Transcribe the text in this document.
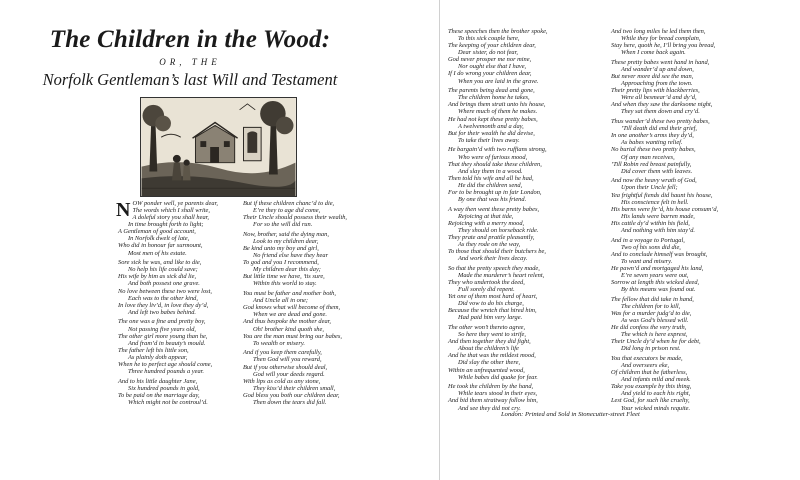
The Children in the Wood:
OR, THE
Norfolk Gentleman’s last Will and Testament
N OW ponder well, ye parents dear,
The words which I shall write,
A doleful story you shall hear,
In time brought forth to light;
A Gentleman of good account,
In Norfolk dwelt of late,
Who did in honour far surmount,
Most men of his estate.
Sore sick he was, and like to die,
No help his life could save;
His wife by him as sick did lie,
And both possest one grave.
No love between these two were lost,
Each was to the other kind,
In love they liv’d, in love they dy’d,
And left two babes behind.
The one was a fine and pretty boy,
Not passing five years old,
The other girl more young than he,
And fram’d in beauty’s mould.
The father left his little son,
As plainly doth appear,
When he to perfect age should come,
Three hundred pounds a year.
And to his little daughter Jane,
Six hundred pounds in gold,
To be paid on the marriage day,
Which might not be controul’d.
But if these children chanc’d to die,
E’re they to age did come,
Their Uncle should possess their wealth,
For so the will did run.
Now, brother, said the dying man,
Look to my children dear,
Be kind unto my boy and girl,
No friend else have they hear
To god and you I recommend,
My children dear this day;
But little time we have, ’tis sure,
Within this world to stay.
You must be father and mother both,
And Uncle all in one;
God knows what will become of them,
When we are dead and gone.
And thus bespoke the mother dear,
Oh! brother kind quoth she,
You are the man must bring our babes,
To wealth or misery.
And if you keep them carefully,
Then God will you reward,
But if you otherwise should deal,
God will your deeds regard.
With lips as cold as any stone,
They kiss’d their children small,
God bless you both our children dear,
Then down the tears did fall.
These speeches then the brother spoke,
To this sick couple here,
The keeping of your children dear,
Dear sister, do not fear,
God never prosper me nor mine,
Nor ought else that I have,
If I do wrong your children dear,
When you are laid in the grave.
The parents being dead and gone,
The children home he takes,
And brings them strait unto his house,
Where much of them he makes.
He had not kept these pretty babes,
A twelvemonth and a day,
But for their wealth he did devise,
To take their lives away.
He bargain’d with two ruffians strong,
Who were of furious mood,
That they should take these children,
And slay them in a wood.
Then told his wife and all he had,
He did the children send,
For to be brought up in fair London,
By one that was his friend.
A way then went these pretty babes,
Rejoicing at that tide,
Rejoicing with a merry mood,
They should on horseback ride.
They prate and prattle pleasantly,
As they rode on the way,
To those that should their butchers be,
And work their lives decay.
So that the pretty speech they made,
Made the murderer’s heart relent,
They who undertook the deed,
Full sorely did repent.
Yet one of them most hard of heart,
Did vow to do his charge,
Because the wretch that hired him,
Had paid him very large.
The other won’t thereto agree,
So here they went to strife,
And then together they did fight,
About the children’s life
And he that was the mildest mood,
Did slay the other there,
Within an unfrequented wood,
While babes did quake for fear.
He took the children by the hand,
While tears stood in their eyes,
And bid them straitway follow him,
And see they did not cry.
And two long miles he led them then,
While they for bread complain,
Stay here, quoth he, I’ll bring you bread,
When I come back again.
These pretty babes went hand in hand,
And wander’d up and down,
But never more did see the man,
Approaching from the town.
Their pretty lips with blackberries,
Were all besmear’d and dy’d,
And when they saw the darksome night,
They sat them down and cry’d.
Thus wander’d these two pretty babes,
’Till death did end their grief,
In one another’s arms they dy’d,
As babes wanting relief.
No burial these two pretty babes,
Of any man receives,
’Till Robin red breast painfully,
Did cover them with leaves.
And now the heavy wrath of God,
Upon their Uncle fell;
Yea frightful fiends did haunt his house,
His conscience felt in hell.
His barns were fir’d, his house consum’d,
His lands were barren made,
His cattle dy’d within his field,
And nothing with him stay’d.
And in a voyage to Portugal,
Two of his sons did die,
And to conclude himself was brought,
To want and misery.
He pawn’d and mortgaged his land,
E’re seven years were out,
Sorrow at length this wicked deed,
By this means was found out.
The fellow that did take in hand,
The children for to kill,
Was for a murder judg’d to die,
As was God’s blessed will.
He did confess the very truth,
The which is here exprest,
Their Uncle dy’d when he for debt,
Did long in prison rest.
You that executors be made,
And overseers eke,
Of children that be fatherless,
And infants mild and meek.
Take you example by this thing,
And yield to each his right,
Lest God, for such like cruelty,
Your wicked minds requite.
London: Printed and Sold in Stonecutter-street Fleet
